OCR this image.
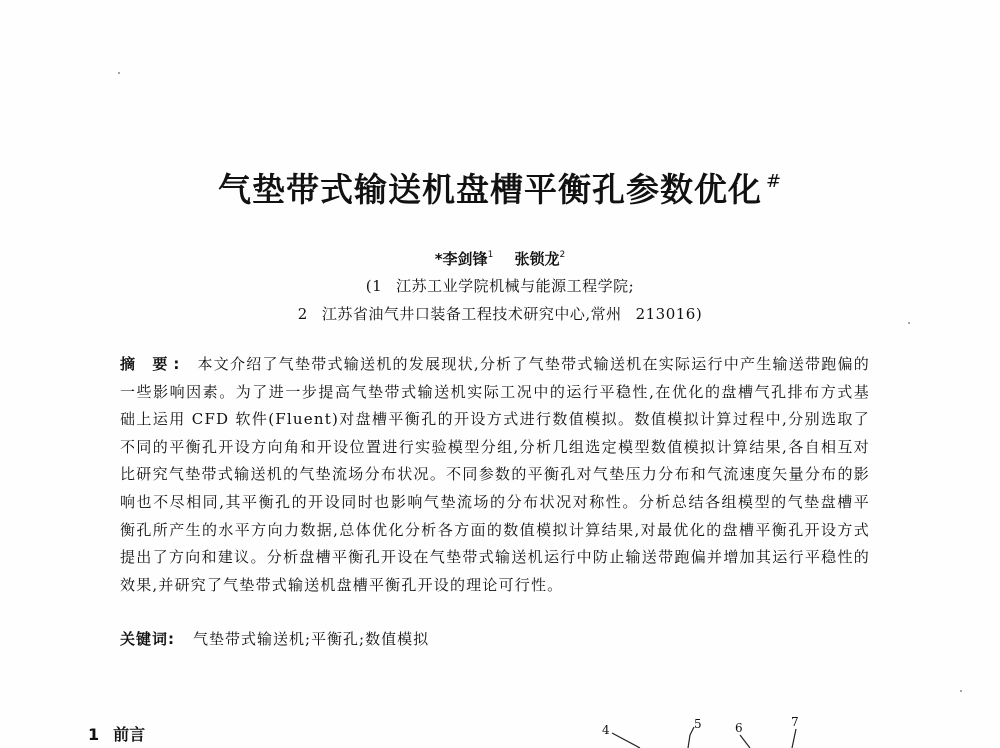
气垫带式输送机盘槽平衡孔参数优化 #
*李剑锋$^1$ 张锁龙$^2$
(1 江苏工业学院机械与能源工程学院;
2 江苏省油气井口装备工程技术研究中心,常州 213016)
摘 要: 本文介绍了气垫带式输送机的发展现状,分析了气垫带式输送机在实际运行中产生输送带跑偏的一些影响因素。为了进一步提高气垫带式输送机实际工况中的运行平稳性,在优化的盘槽气孔排布方式基础上运用 CFD 软件(Fluent)对盘槽平衡孔的开设方式进行数值模拟。数值模拟计算过程中,分别选取了不同的平衡孔开设方向角和开设位置进行实验模型分组,分析几组选定模型数值模拟计算结果,各自相互对比研究气垫带式输送机的气垫流场分布状况。不同参数的平衡孔对气垫压力分布和气流速度矢量分布的影响也不尽相同,其平衡孔的开设同时也影响气垫流场的分布状况对称性。分析总结各组模型的气垫盘槽平衡孔所产生的水平方向力数据,总体优化分析各方面的数值模拟计算结果,对最优化的盘槽平衡孔开设方式提出了方向和建议。分析盘槽平衡孔开设在气垫带式输送机运行中防止输送带跑偏并增加其运行平稳性的效果,并研究了气垫带式输送机盘槽平衡孔开设的理论可行性。
关键词: 气垫带式输送机;平衡孔;数值模拟
1 前言	4	5	6	7
